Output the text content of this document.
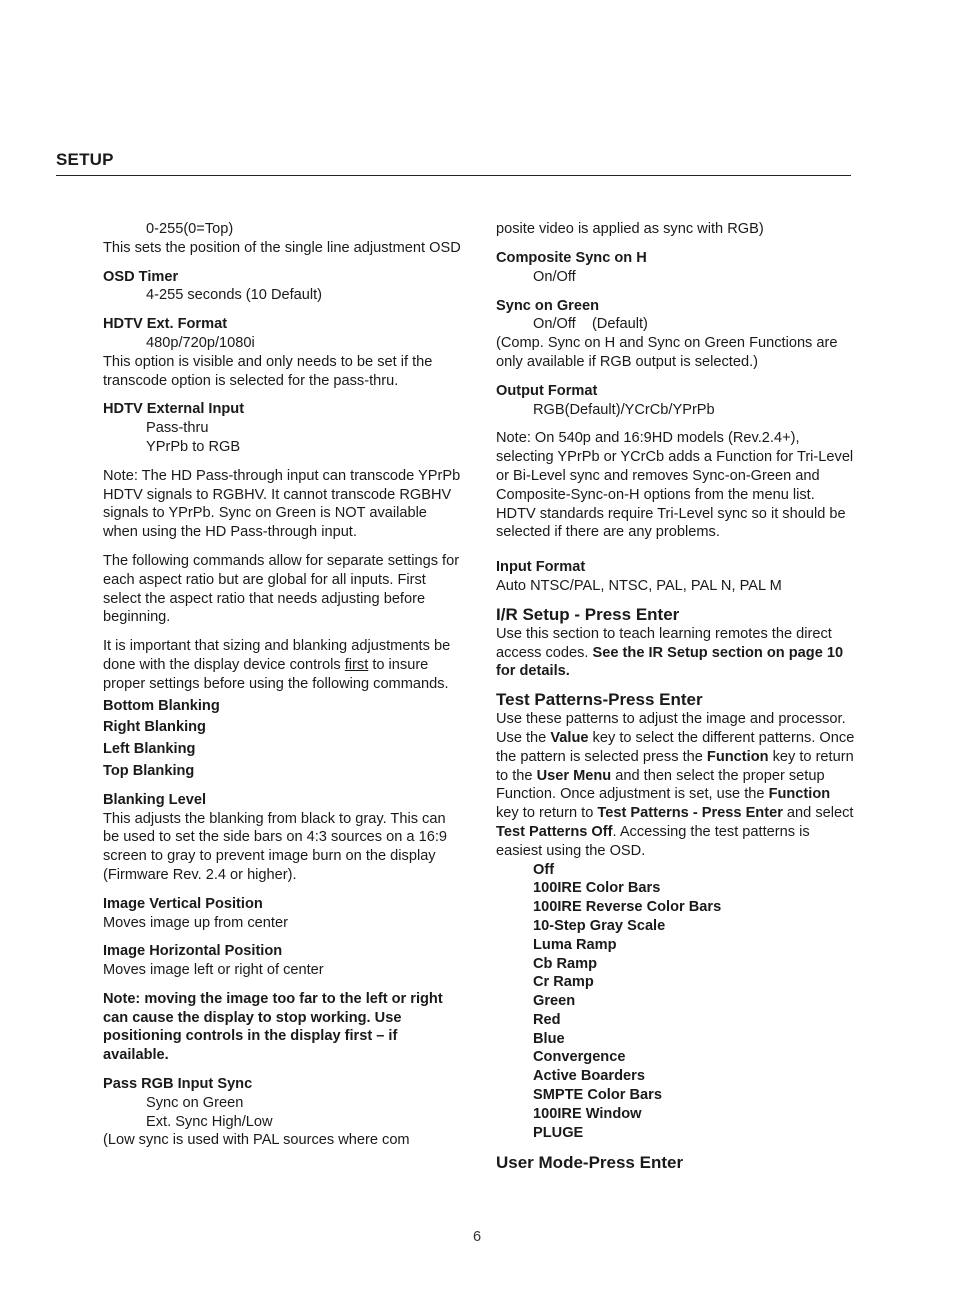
SETUP

0-255(0=Top)

This sets the position of the single line adjustment OSD

OSD Timer

4-255 seconds (10 Default)

HDTV Ext. Format

480p/720p/1080i

This option is visible and only needs to be set if the transcode option is selected for the pass-thru.

HDTV External Input

Pass-thru

YPrPb to RGB

Note: The HD Pass-through input can transcode YPrPb HDTV signals to RGBHV. It cannot transcode RGBHV signals to YPrPb. Sync on Green is NOT available when using the HD Pass-through input.

The following commands allow for separate settings for each aspect ratio but are global for all inputs. First select the aspect ratio that needs adjusting before beginning.

It is important that sizing and blanking adjustments be done with the display device controls first to insure proper settings before using the following commands.

Bottom Blanking

Right Blanking

Left Blanking

Top Blanking

Blanking Level

This adjusts the blanking from black to gray. This can be used to set the side bars on 4:3 sources on a 16:9 screen to gray to prevent image burn on the display (Firmware Rev. 2.4 or higher).

Image Vertical Position

Moves image up from center

Image Horizontal Position

Moves image left or right of center

Note: moving the image too far to the left or right can cause the display to stop working. Use positioning controls in the display first – if available.

Pass RGB Input Sync

Sync on Green

Ext. Sync High/Low

(Low sync is used with PAL sources where com

Composite Sync on H

On/Off

Sync on Green

On/Off    (Default)

(Comp. Sync on H and Sync on Green Functions are only available if RGB output is selected.)

Output Format

RGB(Default)/YCrCb/YPrPb

Note: On 540p and 16:9HD models (Rev.2.4+), selecting YPrPb or YCrCb adds a Function for Tri-Level or Bi-Level sync and removes Sync-on-Green and Composite-Sync-on-H options from the menu list. HDTV standards require Tri-Level sync so it should be selected if there are any problems.

Input Format

Auto NTSC/PAL, NTSC, PAL, PAL N, PAL M

I/R Setup - Press Enter

Use this section to teach learning remotes the direct access codes. See the IR Setup section on page 10 for details.

Test Patterns-Press Enter

Use these patterns to adjust the image and processor. Use the Value key to select the different patterns. Once the pattern is selected press the Function key to return to the User Menu and then select the proper setup Function. Once adjustment is set, use the Function key to return to Test Patterns - Press Enter and select Test Patterns Off. Accessing the test patterns is easiest using the OSD.

Off

100IRE Color Bars

100IRE Reverse Color Bars

10-Step Gray Scale

Luma Ramp

Cb Ramp

Cr Ramp

Green

Red

Blue

Convergence

Active Boarders

SMPTE Color Bars

100IRE Window

PLUGE

User Mode-Press Enter

posite video is applied as sync with RGB)
6
